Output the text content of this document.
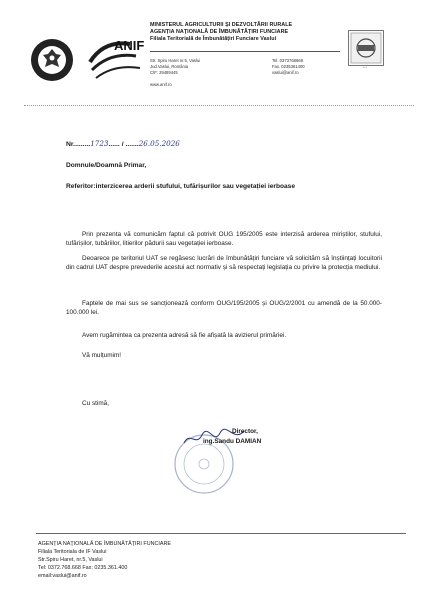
ANIF
MINISTERUL AGRICULTURII ȘI DEZVOLTĂRII RURALE
AGENȚIA NAȚIONALĂ DE ÎMBUNĂTĂȚIRI FUNCIARE
Filiala Teritorială de Îmbunătățiri Funciare Vaslui
Str. Spiru Haret nr.5, Vaslui
Jud.Vaslui, România
CIF: 29489445
Tel. 0373768668
Fax. 0235361400
vaslui@anif.ro
www.anif.ro
▪ ▪ ▪
Nr.........1723...... / .......26.05.2026
Domnule/Doamnă Primar,
Referitor:interzicerea arderii stufului, tufărișurilor sau vegetației ierboase
Prin prezenta vă comunicăm faptul că potrivit OUG 195/2005 este interzisă arderea miriștilor, stufului, tufărișilor, tubăriilor, litierilor pădurii sau vegetației ierboase.
Deoarece pe teritoriul UAT se regăsesc lucrări de îmbunătățiri funciare vă solicităm să înștiințați locuitorii din cadrul UAT despre prevederile acestui act normativ și să respectați legislația cu privire la protecția mediului.
Faptele de mai sus se sancționează conform OUG/195/2005 și OUG/2/2001 cu amendă de la 50.000-100.000 lei.
Avem rugămintea ca prezenta adresă să fie afișată la avizierul primăriei.
Vă mulțumim!
Cu stimă,
Director,
ing.Sandu DAMIAN
AGENȚIA NAȚIONALĂ DE ÎMBUNĂTĂȚIRI FUNCIARE
Filiala Teritoriala de IF Vaslui
Str.Spiru Haret, nr.5, Vaslui
Tel: 0372.768.668 Fax: 0235.361.400
email:vaslui@anif.ro
